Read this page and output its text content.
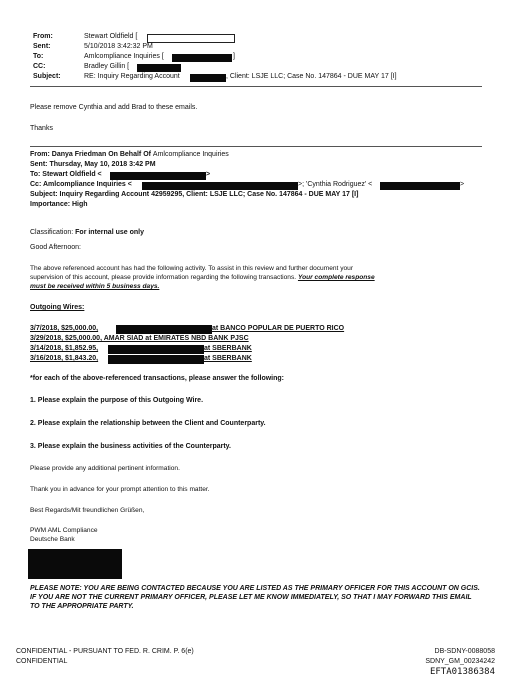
From:	Stewart Oldfield [
Sent:	5/10/2018 3:42:32 PM
To:	Amlcompliance Inquiries [	]
CC:	Bradley Gillin [
Subject:	RE: Inquiry Regarding Account	, Client: LSJE LLC; Case No. 147864 - DUE MAY 17 [I]
Please remove Cynthia and add Brad to these emails.
Thanks
From: Danya Friedman On Behalf Of Amlcompliance Inquiries
Sent: Thursday, May 10, 2018 3:42 PM
To: Stewart Oldfield <	>
Cc: Amlcompliance Inquiries <	>; 'Cynthia Rodriguez' <	>
Subject: Inquiry Regarding Account 42959295, Client: LSJE LLC; Case No. 147864 - DUE MAY 17 [I]
Importance: High
Classification: For internal use only
Good Afternoon:
The above referenced account has had the following activity. To assist in this review and further document your
supervision of this account, please provide information regarding the following transactions. Your complete response
must be received within 5 business days.
Outgoing Wires:
3/7/2018, $25,000.00,	at BANCO POPULAR DE PUERTO RICO
3/29/2018, $25,000.00, AMAR SIAD at EMIRATES NBD BANK PJSC
3/14/2018, $1,852.95,	at SBERBANK
3/16/2018, $1,843.20,	at SBERBANK
*for each of the above-referenced transactions, please answer the following:
1. Please explain the purpose of this Outgoing Wire.
2. Please explain the relationship between the Client and Counterparty.
3. Please explain the business activities of the Counterparty.
Please provide any additional pertinent information.
Thank you in advance for your prompt attention to this matter.
Best Regards/Mit freundlichen Grüßen,
PWM AML Compliance
Deutsche Bank
PLEASE NOTE: YOU ARE BEING CONTACTED BECAUSE YOU ARE LISTED AS THE PRIMARY OFFICER FOR THIS ACCOUNT ON GCIS. IF YOU ARE NOT THE CURRENT PRIMARY OFFICER, PLEASE LET ME KNOW IMMEDIATELY, SO THAT I MAY FORWARD THIS EMAIL TO THE APPROPRIATE PARTY.
CONFIDENTIAL - PURSUANT TO FED. R. CRIM. P. 6(e)
CONFIDENTIAL
DB-SDNY-0088058
SDNY_GM_00234242
EFTA01386384
